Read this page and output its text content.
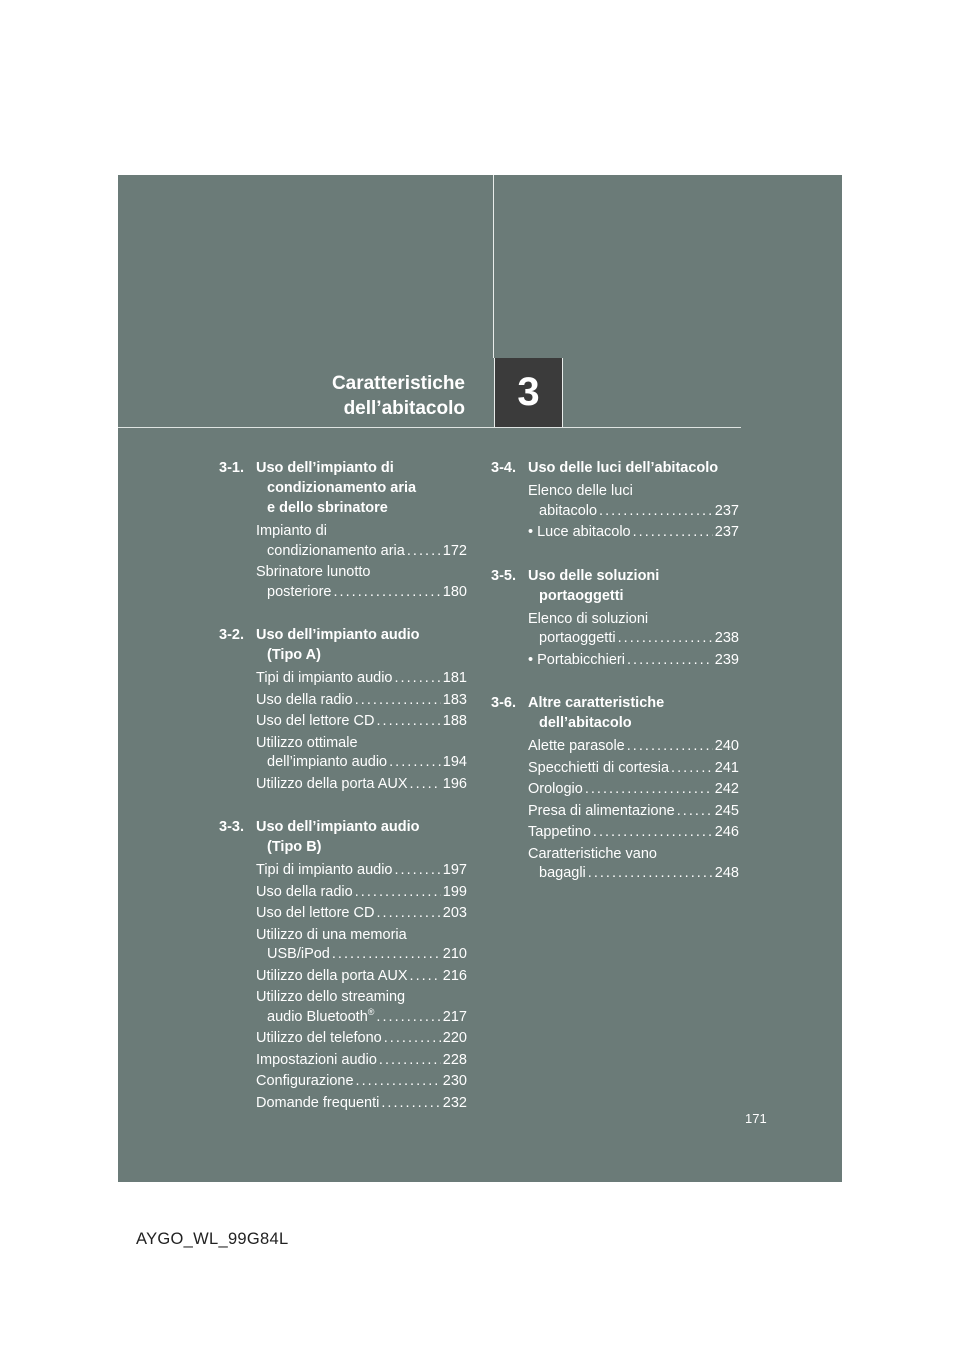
Caratteristiche
dell’abitacolo 3
3-1. Uso dell’impianto di
condizionamento aria
e dello sbrinatore
Impianto di
condizionamento aria . . .	172
Sbrinatore lunotto
posteriore . . .	180
3-2. Uso dell’impianto audio
(Tipo A)
Tipi di impianto audio . . .	181
Uso della radio . . .	183
Uso del lettore CD . . .	188
Utilizzo ottimale
dell’impianto audio . . .	194
Utilizzo della porta AUX . . . 196
3-3. Uso dell’impianto audio
(Tipo B)
Tipi di impianto audio . . .	197
Uso della radio . . .	199
Uso del lettore CD . . .	203
Utilizzo di una memoria
USB/iPod . . .	210
Utilizzo della porta AUX . . . 216
Utilizzo dello streaming
audio Bluetooth® . . .	217
Utilizzo del telefono . . .	220
Impostazioni audio . . .	228
Configurazione . . .	230
Domande frequenti . . .	232
3-4. Uso delle luci dell’abitacolo
Elenco delle luci
abitacolo . . .	237
• Luce abitacolo . . .	237
3-5. Uso delle soluzioni
portaoggetti
Elenco di soluzioni
portaoggetti . . .	238
• Portabicchieri . . .	239
3-6. Altre caratteristiche
dell’abitacolo
Alette parasole . . .	240
Specchietti di cortesia . . .	241
Orologio . . .	242
Presa di alimentazione . . .	245
Tappetino . . .	246
Caratteristiche vano
bagagli . . .	248
171
AYGO_WL_99G84L
